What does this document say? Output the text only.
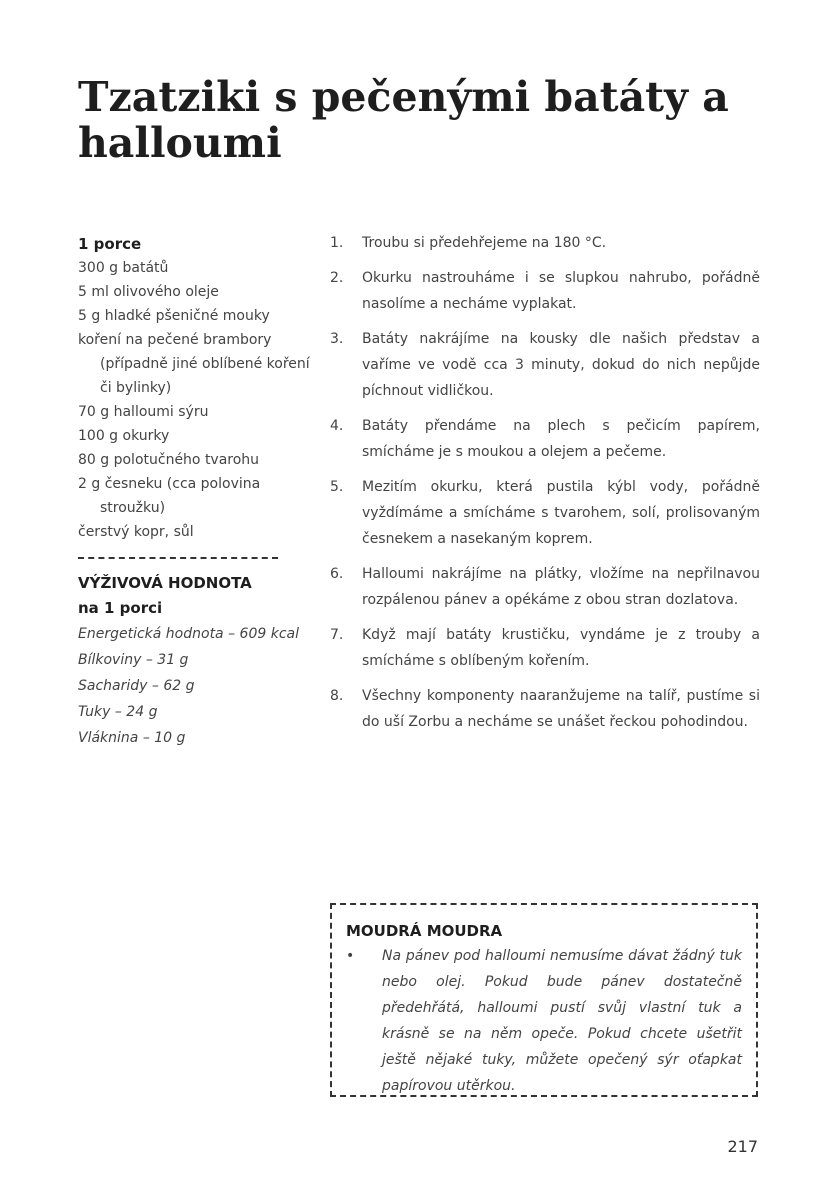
Tzatziki s pečenými batáty a halloumi
1 porce
300 g batátů
5 ml olivového oleje
5 g hladké pšeničné mouky
koření na pečené brambory (případně jiné oblíbené koření či bylinky)
70 g halloumi sýru
100 g okurky
80 g polotučného tvarohu
2 g česneku (cca polovina stroužku)
čerstvý kopr, sůl
VÝŽIVOVÁ HODNOTA
na 1 porci
Energetická hodnota – 609 kcal
Bílkoviny – 31 g
Sacharidy – 62 g
Tuky – 24 g
Vláknina – 10 g
1.	Troubu si předehřejeme na 180 °C.
2.	Okurku nastrouháme i se slupkou nahrubo, pořádně nasolíme a necháme vyplakat.
3.	Batáty nakrájíme na kousky dle našich představ a vaříme ve vodě cca 3 minuty, dokud do nich nepůjde píchnout vidličkou.
4.	Batáty přendáme na plech s pečicím papírem, smícháme je s moukou a olejem a pečeme.
5.	Mezitím okurku, která pustila kýbl vody, pořádně vyždímáme a smícháme s tvarohem, solí, prolisovaným česnekem a nasekaným koprem.
6.	Halloumi nakrájíme na plátky, vložíme na nepřilnavou rozpálenou pánev a opékáme z obou stran dozlatova.
7.	Když mají batáty krustičku, vyndáme je z trouby a smícháme s oblíbeným kořením.
8.	Všechny komponenty naaranžujeme na talíř, pustíme si do uší Zorbu a necháme se unášet řeckou pohodindou.
MOUDRÁ MOUDRA
•	Na pánev pod halloumi nemusíme dávat žádný tuk nebo olej. Pokud bude pánev dostatečně předehřátá, halloumi pustí svůj vlastní tuk a krásně se na něm opeče. Pokud chcete ušetřit ještě nějaké tuky, můžete opečený sýr oťapkat papírovou utěrkou.
217
